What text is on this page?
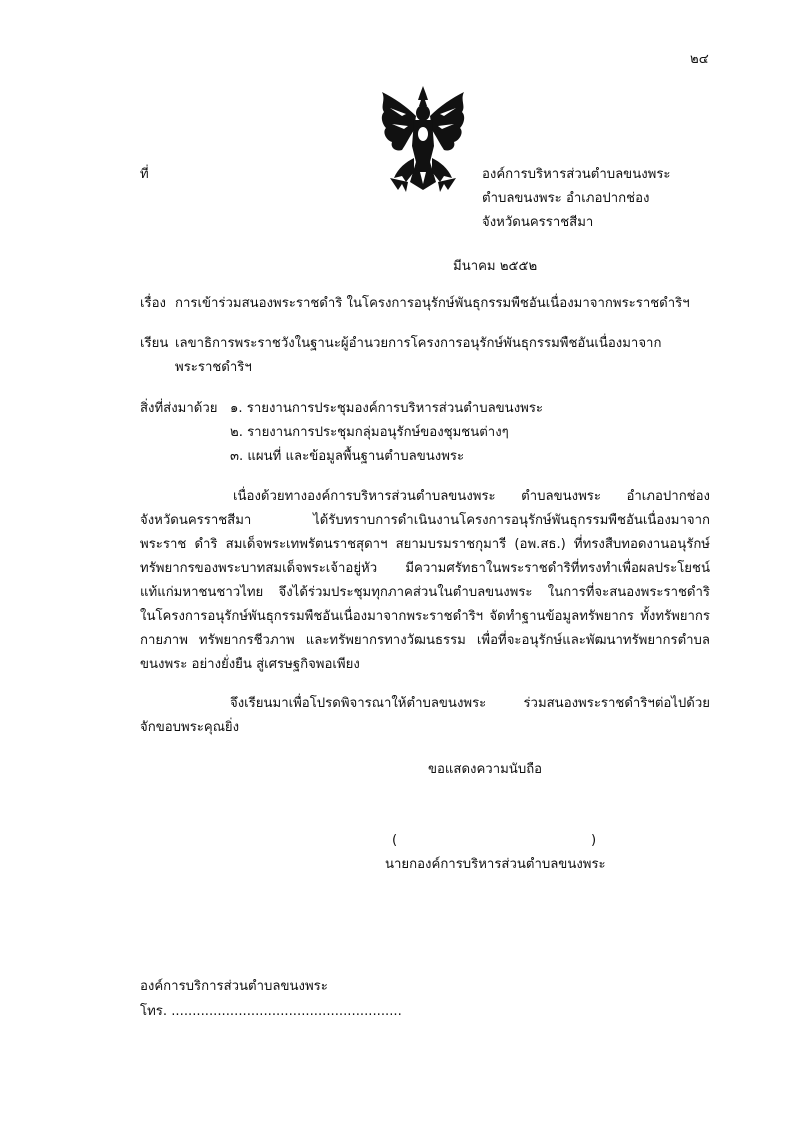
๒๔
ที่	องค์การบริหารส่วนตำบลขนงพระ
ตำบลขนงพระ อำเภอปากช่อง
จังหวัดนครราชสีมา
มีนาคม ๒๕๕๒
เรื่อง การเข้าร่วมสนองพระราชดำริ ในโครงการอนุรักษ์พันธุกรรมพืชอันเนื่องมาจากพระราชดำริฯ
เรียน เลขาธิการพระราชวังในฐานะผู้อำนวยการโครงการอนุรักษ์พันธุกรรมพืชอันเนื่องมาจาก
พระราชดำริฯ
สิ่งที่ส่งมาด้วย ๑. รายงานการประชุมองค์การบริหารส่วนตำบลขนงพระ
๒. รายงานการประชุมกลุ่มอนุรักษ์ของชุมชนต่างๆ
๓. แผนที่ และข้อมูลพื้นฐานตำบลขนงพระ
เนื่องด้วยทางองค์การบริหารส่วนตำบลขนงพระ ตำบลขนงพระ อำเภอปากช่อง
จังหวัดนครราชสีมา ได้รับทราบการดำเนินงานโครงการอนุรักษ์พันธุกรรมพืชอันเนื่องมาจาก
พระราช ดำริ สมเด็จพระเทพรัตนราชสุดาฯ สยามบรมราชกุมารี (อพ.สธ.) ที่ทรงสืบทอดงานอนุรักษ์
ทรัพยากรของพระบาทสมเด็จพระเจ้าอยู่หัว มีความศรัทธาในพระราชดำริที่ทรงทำเพื่อผลประโยชน์
แท้แก่มหาชนชาวไทย จึงได้ร่วมประชุมทุกภาคส่วนในตำบลขนงพระ ในการที่จะสนองพระราชดำริ
ในโครงการอนุรักษ์พันธุกรรมพืชอันเนื่องมาจากพระราชดำริฯ จัดทำฐานข้อมูลทรัพยากร ทั้งทรัพยากร
กายภาพ ทรัพยากรชีวภาพ และทรัพยากรทางวัฒนธรรม เพื่อที่จะอนุรักษ์และพัฒนาทรัพยากรตำบล
ขนงพระ อย่างยั่งยืน สู่เศรษฐกิจพอเพียง
จึงเรียนมาเพื่อโปรดพิจารณาให้ตำบลขนงพระ ร่วมสนองพระราชดำริฯต่อไปด้วย
จักขอบพระคุณยิ่ง
ขอแสดงความนับถือ
(	)
นายกองค์การบริหารส่วนตำบลขนงพระ
องค์การบริการส่วนตำบลขนงพระ
โทร. .......................................................
